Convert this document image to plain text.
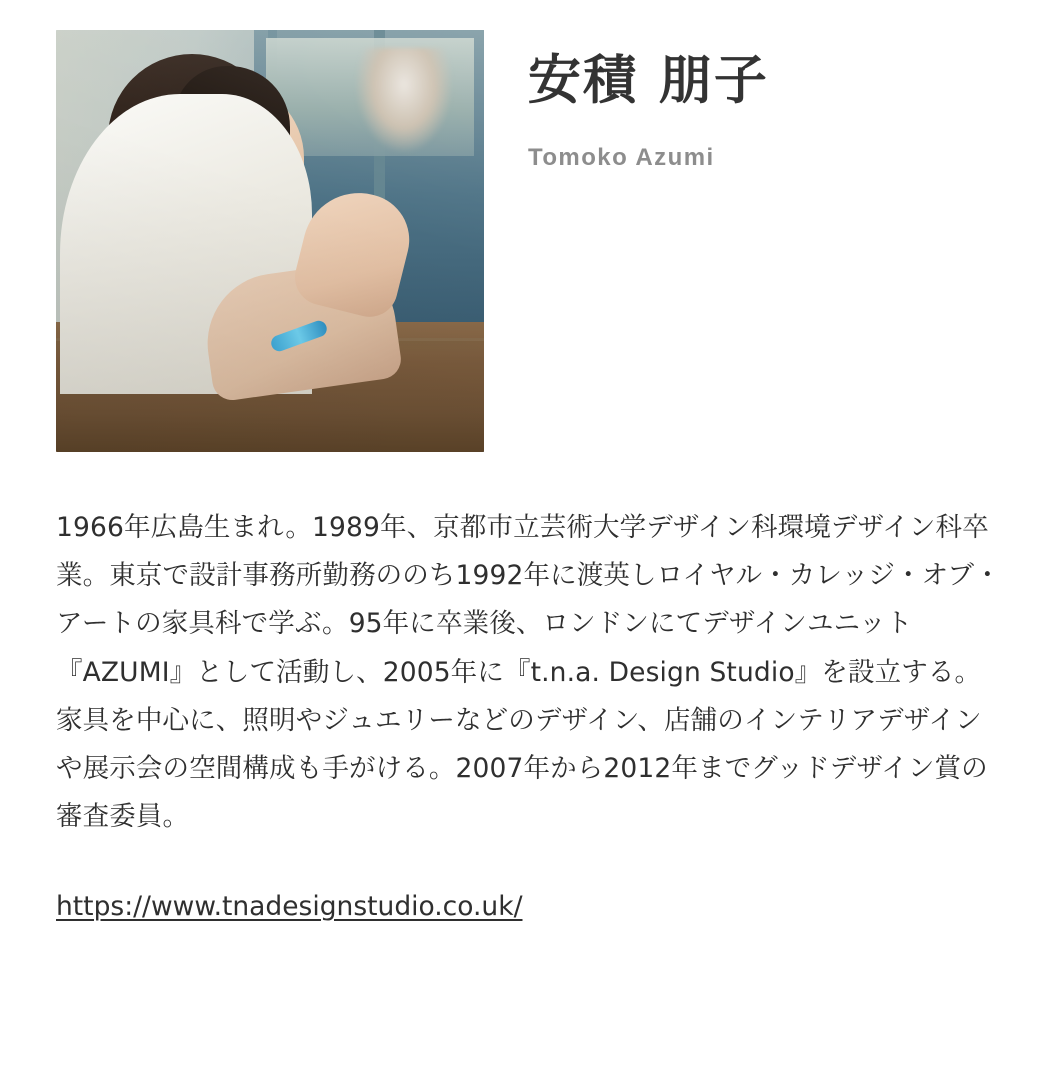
安積 朋子
Tomoko Azumi

1966年広島生まれ。1989年、京都市立芸術大学デザイン科環境デザイン科卒業。東京で設計事務所勤務ののち1992年に渡英しロイヤル・カレッジ・オブ・アートの家具科で学ぶ。95年に卒業後、ロンドンにてデザインユニット『AZUMI』として活動し、2005年に『t.n.a. Design Studio』を設立する。家具を中心に、照明やジュエリーなどのデザイン、店舗のインテリアデザインや展示会の空間構成も手がける。2007年から2012年までグッドデザイン賞の審査委員。

https://www.tnadesignstudio.co.uk/
